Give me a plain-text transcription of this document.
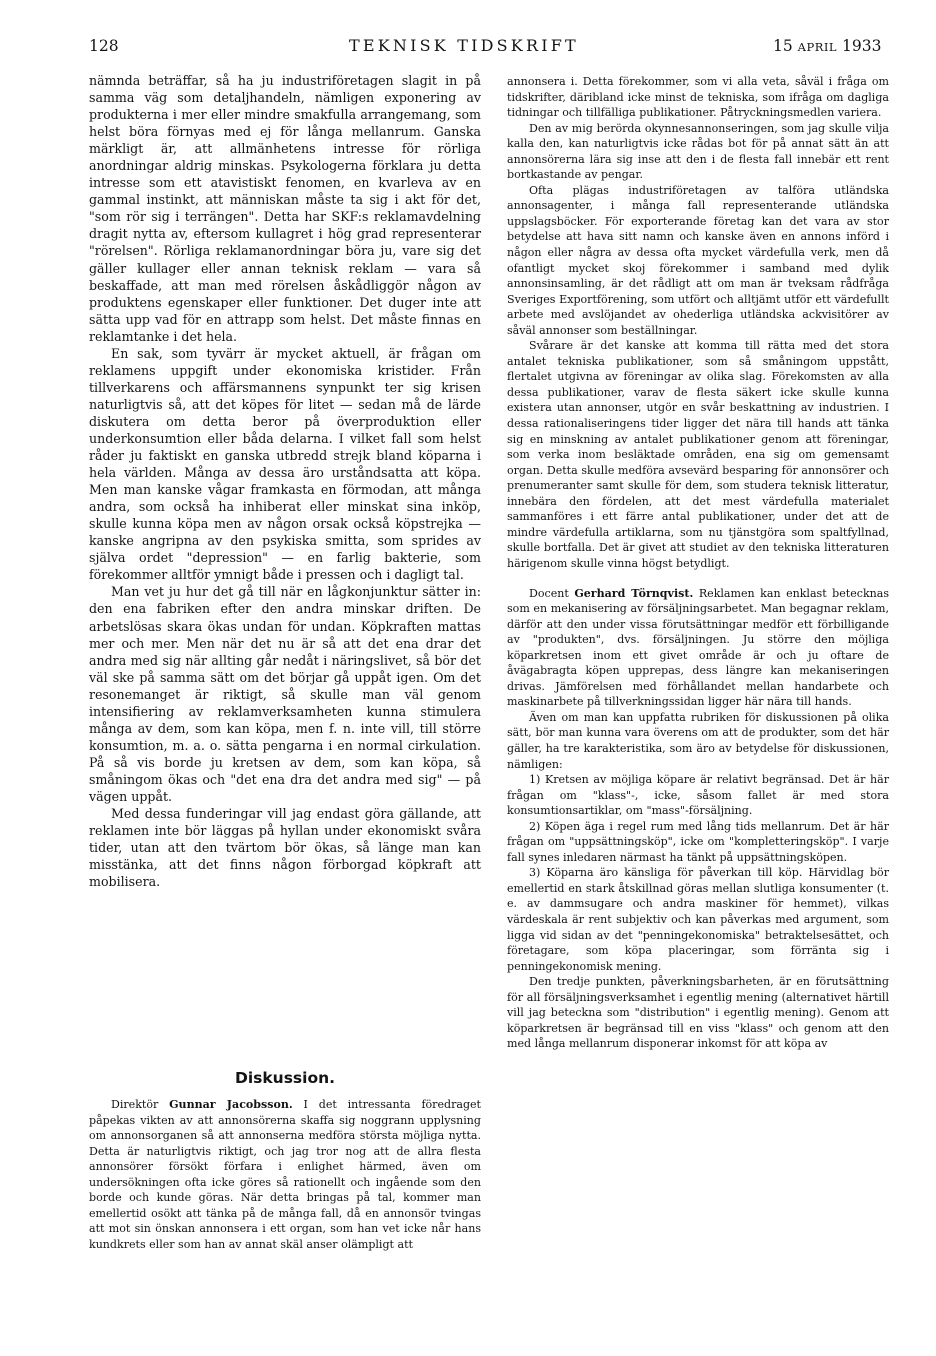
128	TEKNISK TIDSKRIFT	15 APRIL 1933

nämnda beträffar, så ha ju industriföretagen slagit in på samma väg som detaljhandeln, nämligen exponering av produkterna i mer eller mindre smakfulla arrangemang, som helst böra förnyas med ej för långa mellanrum. Ganska märkligt är, att allmänhetens intresse för rörliga anordningar aldrig minskas. Psykologerna förklara ju detta intresse som ett atavistiskt fenomen, en kvarleva av en gammal instinkt, att människan måste ta sig i akt för det, "som rör sig i terrängen". Detta har SKF:s reklamavdelning dragit nytta av, eftersom kullagret i hög grad representerar "rörelsen". Rörliga reklamanordningar böra ju, vare sig det gäller kullager eller annan teknisk reklam — vara så beskaffade, att man med rörelsen åskådliggör någon av produktens egenskaper eller funktioner. Det duger inte att sätta upp vad för en attrapp som helst. Det måste finnas en reklamtanke i det hela.

En sak, som tyvärr är mycket aktuell, är frågan om reklamens uppgift under ekonomiska kristider. Från tillverkarens och affärsmannens synpunkt ter sig krisen naturligtvis så, att det köpes för litet — sedan må de lärde diskutera om detta beror på överproduktion eller underkonsumtion eller båda delarna. I vilket fall som helst råder ju faktiskt en ganska utbredd strejk bland köparna i hela världen. Många av dessa äro urståndsatta att köpa. Men man kanske vågar framkasta en förmodan, att många andra, som också ha inhiberat eller minskat sina inköp, skulle kunna köpa men av någon orsak också köpstrejka — kanske angripna av den psykiska smitta, som sprides av själva ordet "depression" — en farlig bakterie, som förekommer alltför ymnigt både i pressen och i dagligt tal.

Man vet ju hur det gå till när en lågkonjunktur sätter in: den ena fabriken efter den andra minskar driften. De arbetslösas skara ökas undan för undan. Köpkraften mattas mer och mer. Men när det nu är så att det ena drar det andra med sig när allting går nedåt i näringslivet, så bör det väl ske på samma sätt om det börjar gå uppåt igen. Om det resonemanget är riktigt, så skulle man väl genom intensifiering av reklamverksamheten kunna stimulera många av dem, som kan köpa, men f. n. inte vill, till större konsumtion, m. a. o. sätta pengarna i en normal cirkulation. På så vis borde ju kretsen av dem, som kan köpa, så småningom ökas och "det ena dra det andra med sig" — på vägen uppåt.

Med dessa funderingar vill jag endast göra gällande, att reklamen inte bör läggas på hyllan under ekonomiskt svåra tider, utan att den tvärtom bör ökas, så länge man kan misstänka, att det finns någon förborgad köpkraft att mobilisera.

Diskussion.

Direktör Gunnar Jacobsson. I det intressanta föredraget påpekas vikten av att annonsörerna skaffa sig noggrann upplysning om annonsorganen så att annonserna medföra största möjliga nytta. Detta är naturligtvis riktigt, och jag tror nog att de allra flesta annonsörer försökt förfara i enlighet härmed, även om undersökningen ofta icke göres så rationellt och ingående som den borde och kunde göras. När detta bringas på tal, kommer man emellertid osökt att tänka på de många fall, då en annonsör tvingas att mot sin önskan annonsera i ett organ, som han vet icke når hans kundkrets eller som han av annat skäl anser olämpligt att

annonsera i. Detta förekommer, som vi alla veta, såväl i fråga om tidskrifter, däribland icke minst de tekniska, som ifråga om dagliga tidningar och tillfälliga publikationer. Påtryckningsmedlen variera.

Den av mig berörda okynnesannonseringen, som jag skulle vilja kalla den, kan naturligtvis icke rådas bot för på annat sätt än att annonsörerna lära sig inse att den i de flesta fall innebär ett rent bortkastande av pengar.

Ofta plägas industriföretagen av talföra utländska annonsagenter, i många fall representerande utländska uppslagsböcker. För exporterande företag kan det vara av stor betydelse att hava sitt namn och kanske även en annons införd i någon eller några av dessa ofta mycket värdefulla verk, men då ofantligt mycket skoj förekommer i samband med dylik annonsinsamling, är det rådligt att om man är tveksam rådfråga Sveriges Exportförening, som utfört och alltjämt utför ett värdefullt arbete med avslöjandet av ohederliga utländska ackvisitörer av såväl annonser som beställningar.

Svårare är det kanske att komma till rätta med det stora antalet tekniska publikationer, som så småningom uppstått, flertalet utgivna av föreningar av olika slag. Förekomsten av alla dessa publikationer, varav de flesta säkert icke skulle kunna existera utan annonser, utgör en svår beskattning av industrien. I dessa rationaliseringens tider ligger det nära till hands att tänka sig en minskning av antalet publikationer genom att föreningar, som verka inom besläktade områden, ena sig om gemensamt organ. Detta skulle medföra avsevärd besparing för annonsörer och prenumeranter samt skulle för dem, som studera teknisk litteratur, innebära den fördelen, att det mest värdefulla materialet sammanföres i ett färre antal publikationer, under det att de mindre värdefulla artiklarna, som nu tjänstgöra som spaltfyllnad, skulle bortfalla. Det är givet att studiet av den tekniska litteraturen härigenom skulle vinna högst betydligt.

Docent Gerhard Törnqvist. Reklamen kan enklast betecknas som en mekanisering av försäljningsarbetet. Man begagnar reklam, därför att den under vissa förutsättningar medför ett förbilligande av "produkten", dvs. försäljningen. Ju större den möjliga köparkretsen inom ett givet område är och ju oftare de åvägabragta köpen upprepas, dess längre kan mekaniseringen drivas. Jämförelsen med förhållandet mellan handarbete och maskinarbete på tillverkningssidan ligger här nära till hands.

Även om man kan uppfatta rubriken för diskussionen på olika sätt, bör man kunna vara överens om att de produkter, som det här gäller, ha tre karakteristika, som äro av betydelse för diskussionen, nämligen:

1) Kretsen av möjliga köpare är relativt begränsad. Det är här frågan om "klass"-, icke, såsom fallet är med stora konsumtionsartiklar, om "mass"-försäljning.

2) Köpen äga i regel rum med lång tids mellanrum. Det är här frågan om "uppsättningsköp", icke om "kompletteringsköp". I varje fall synes inledaren närmast ha tänkt på uppsättningsköpen.

3) Köparna äro känsliga för påverkan till köp. Härvidlag bör emellertid en stark åtskillnad göras mellan slutliga konsumenter (t. e. av dammsugare och andra maskiner för hemmet), vilkas värdeskala är rent subjektiv och kan påverkas med argument, som ligga vid sidan av det "penningekonomiska" betraktelsesättet, och företagare, som köpa placeringar, som förränta sig i penningekonomisk mening.

Den tredje punkten, påverkningsbarheten, är en förutsättning för all försäljningsverksamhet i egentlig mening (alternativet härtill vill jag beteckna som "distribution" i egentlig mening). Genom att köparkretsen är begränsad till en viss "klass" och genom att den med långa mellanrum disponerar inkomst för att köpa av
